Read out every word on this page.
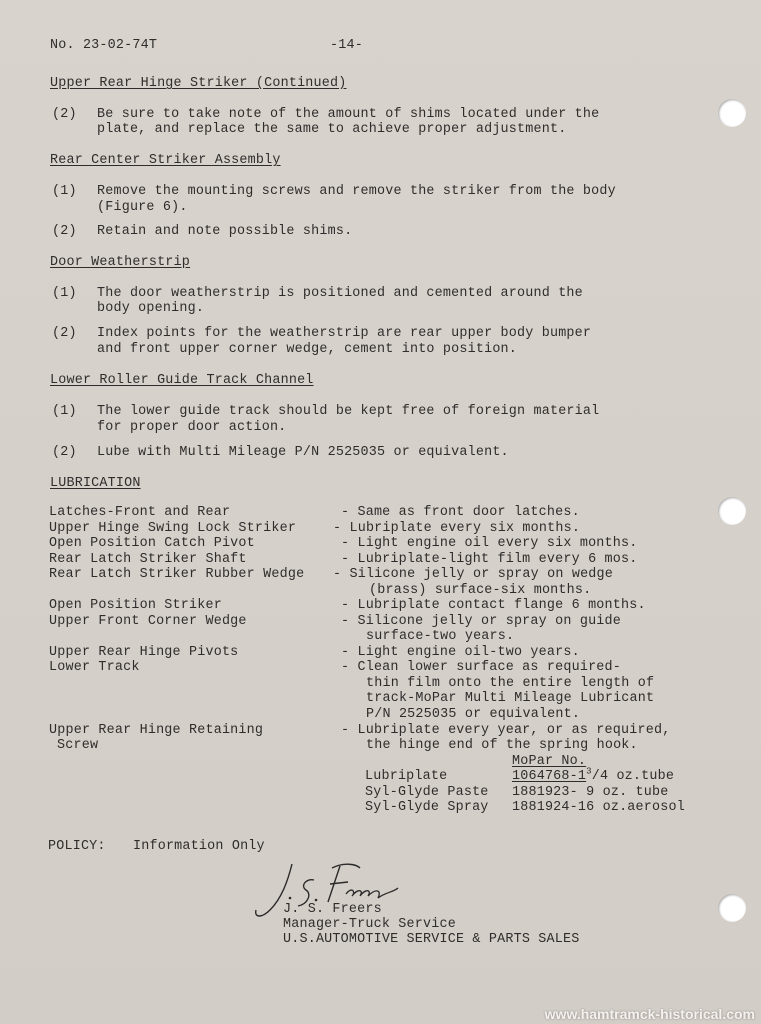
No. 23-02-74T	-14-
Upper Rear Hinge Striker (Continued)
(2) Be sure to take note of the amount of shims located under the
plate, and replace the same to achieve proper adjustment.
Rear Center Striker Assembly
(1) Remove the mounting screws and remove the striker from the body
(Figure 6).
(2) Retain and note possible shims.
Door Weatherstrip
(1) The door weatherstrip is positioned and cemented around the
body opening.
(2) Index points for the weatherstrip are rear upper body bumper
and front upper corner wedge, cement into position.
Lower Roller Guide Track Channel
(1) The lower guide track should be kept free of foreign material
for proper door action.
(2) Lube with Multi Mileage P/N 2525035 or equivalent.
LUBRICATION
Latches-Front and Rear	- Same as front door latches.
Upper Hinge Swing Lock Striker	- Lubriplate every six months.
Open Position Catch Pivot	- Light engine oil every six months.
Rear Latch Striker Shaft	- Lubriplate-light film every 6 mos.
Rear Latch Striker Rubber Wedge - Silicone jelly or spray on wedge
(brass) surface-six months.
Open Position Striker	- Lubriplate contact flange 6 months.
Upper Front Corner Wedge	- Silicone jelly or spray on guide
surface-two years.
Upper Rear Hinge Pivots	- Light engine oil-two years.
Lower Track	- Clean lower surface as required-
thin film onto the entire length of
track-MoPar Multi Mileage Lubricant
P/N 2525035 or equivalent.
Upper Rear Hinge Retaining
Screw
- Lubriplate every year, or as required,
the hinge end of the spring hook.
MoPar No.
Lubriplate	$1064768-1^3/4$ oz.tube
Syl-Glyde Paste 1881923- 9 oz. tube
Syl-Glyde Spray 1881924-16 oz.aerosol
POLICY: Information Only
J. S. Freers
Manager-Truck Service
U.S.AUTOMOTIVE SERVICE & PARTS SALES
www.hamtramck-historical.com
